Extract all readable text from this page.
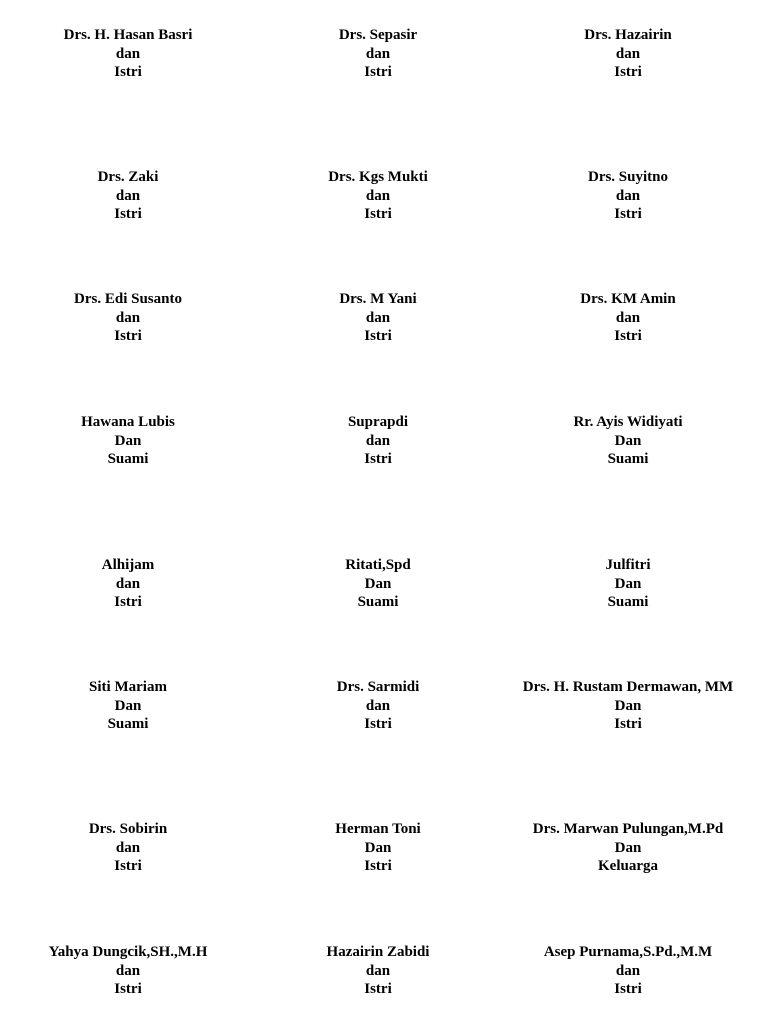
Drs. H. Hasan Basri
dan
Istri
Drs. Sepasir
dan
Istri
Drs. Hazairin
dan
Istri
Drs. Zaki
dan
Istri
Drs. Kgs Mukti
dan
Istri
Drs. Suyitno
dan
Istri
Drs. Edi Susanto
dan
Istri
Drs. M Yani
dan
Istri
Drs. KM Amin
dan
Istri
Hawana Lubis
Dan
Suami
Suprapdi
dan
Istri
Rr. Ayis Widiyati
Dan
Suami
Alhijam
dan
Istri
Ritati,Spd
Dan
Suami
Julfitri
Dan
Suami
Siti Mariam
Dan
Suami
Drs. Sarmidi
dan
Istri
Drs. H. Rustam Dermawan, MM
Dan
Istri
Drs. Sobirin
dan
Istri
Herman Toni
Dan
Istri
Drs. Marwan Pulungan,M.Pd
Dan
Keluarga
Yahya Dungcik,SH.,M.H
dan
Istri
Hazairin Zabidi
dan
Istri
Asep Purnama,S.Pd.,M.M
dan
Istri
